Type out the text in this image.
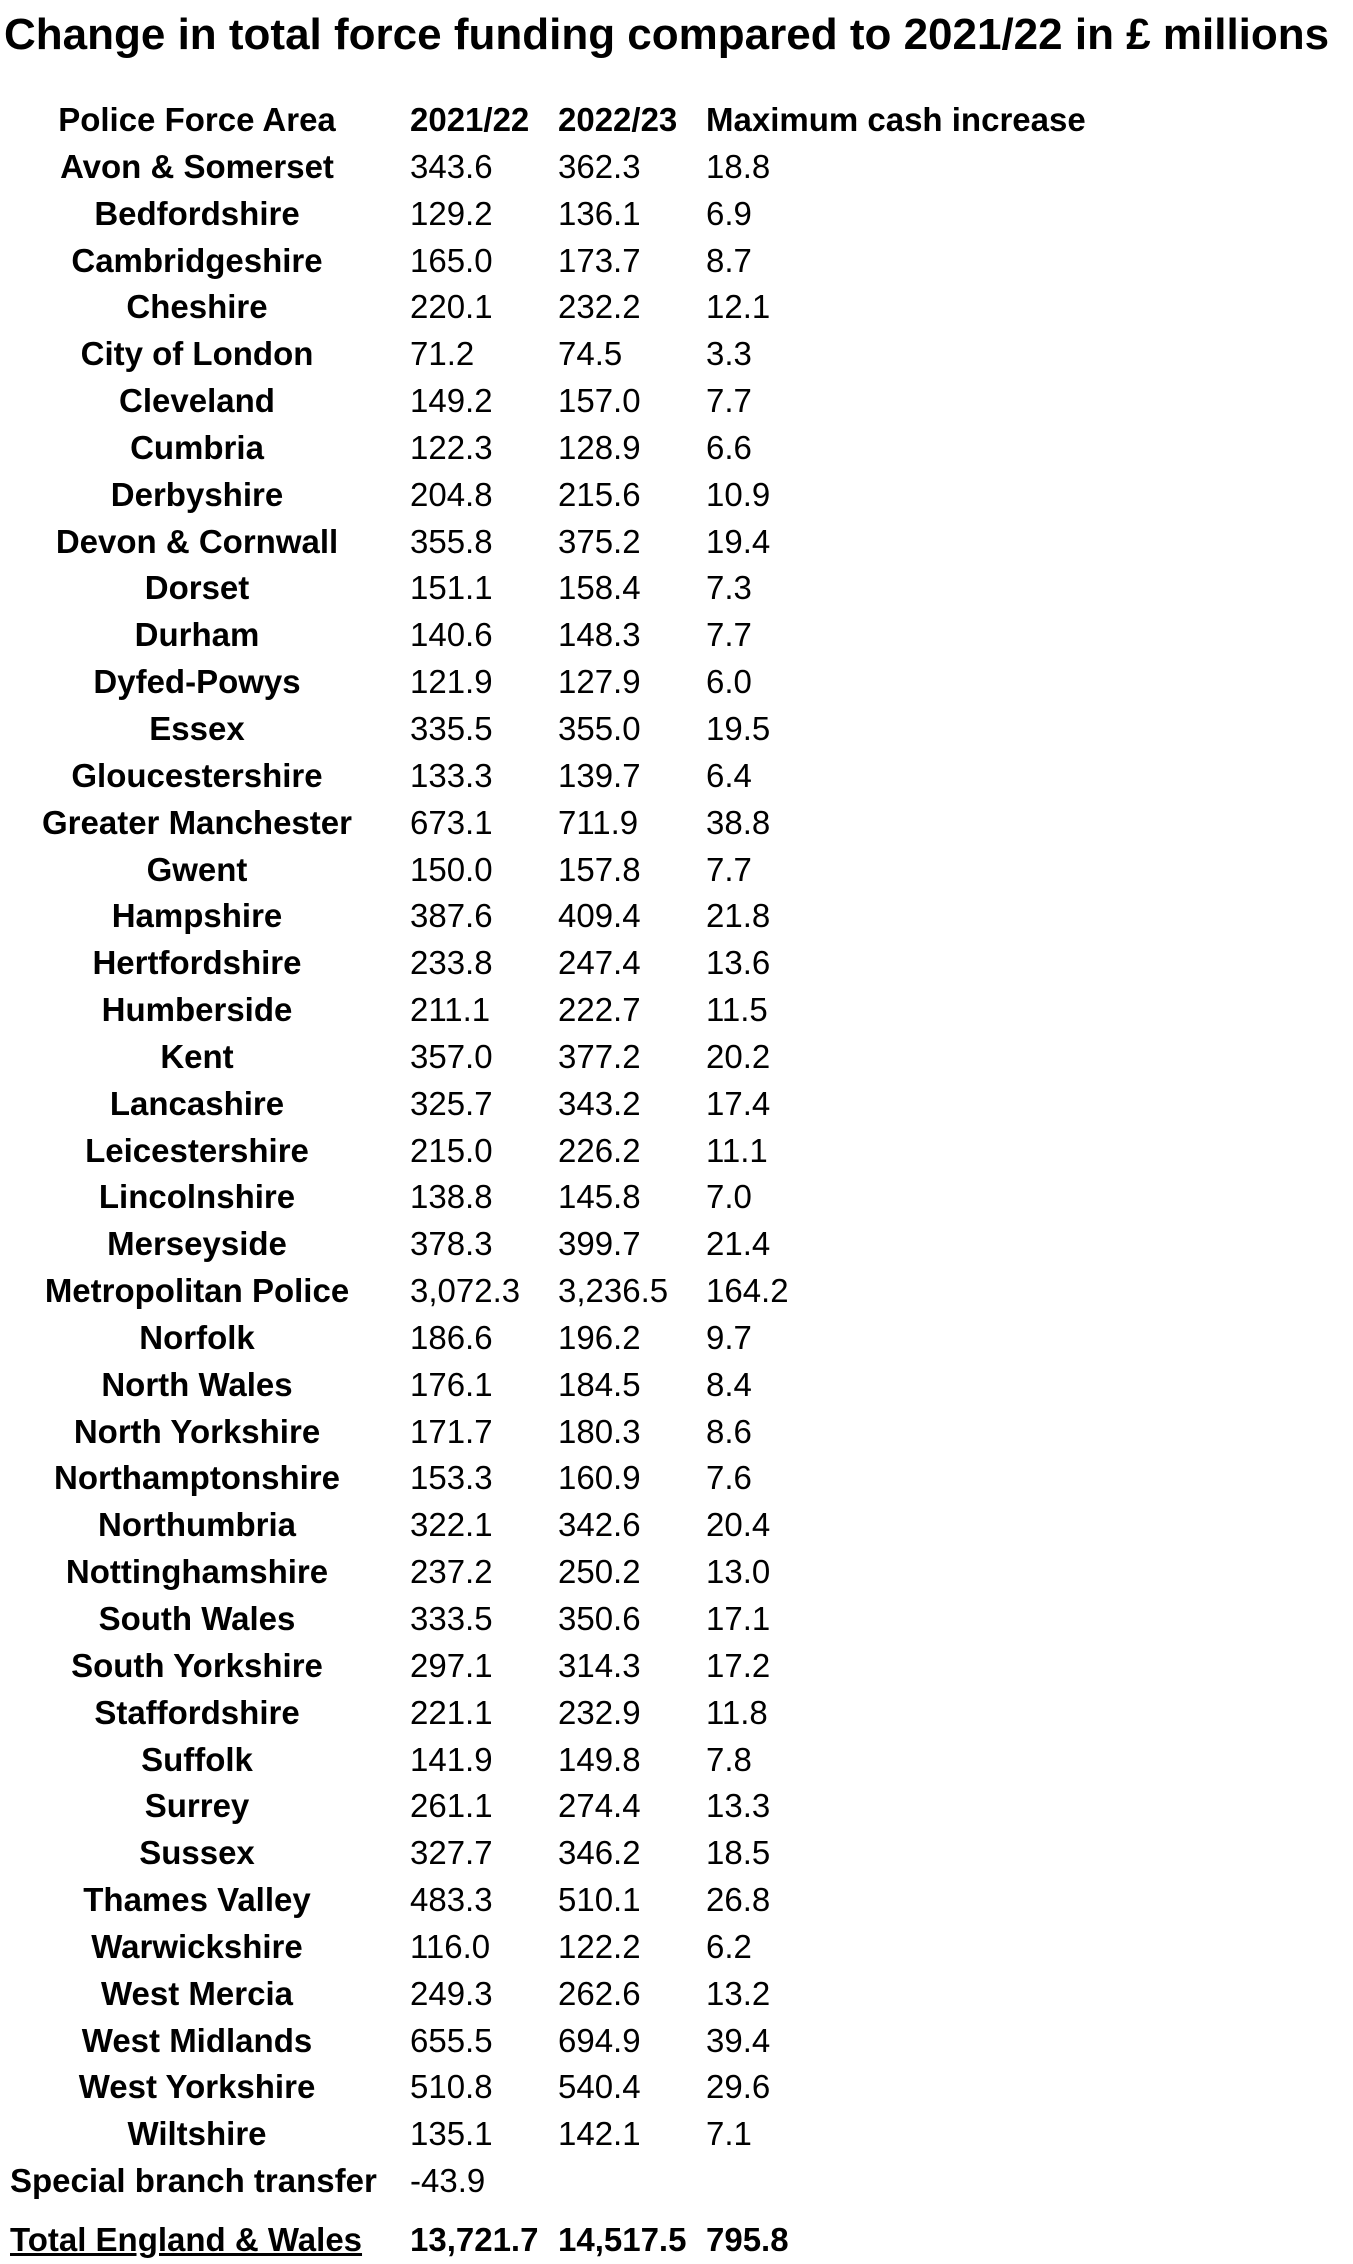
Change in total force funding compared to 2021/22 in £ millions
Police Force Area	2021/22 2022/23 Maximum cash increase
Avon & Somerset	343.6 362.3 18.8
Bedfordshire	129.2 136.1 6.9
Cambridgeshire	165.0 173.7 8.7
Cheshire	220.1 232.2 12.1
City of London	71.2	74.5	3.3
Cleveland	149.2 157.0 7.7
Cumbria	122.3 128.9 6.6
Derbyshire	204.8 215.6 10.9
Devon & Cornwall	355.8 375.2 19.4
Dorset	151.1 158.4 7.3
Durham	140.6 148.3 7.7
Dyfed-Powys	121.9 127.9 6.0
Essex	335.5 355.0 19.5
Gloucestershire	133.3 139.7 6.4
Greater Manchester	673.1 711.9 38.8
Gwent	150.0 157.8 7.7
Hampshire	387.6 409.4 21.8
Hertfordshire	233.8 247.4 13.6
Humberside	211.1 222.7 11.5
Kent	357.0 377.2 20.2
Lancashire	325.7 343.2 17.4
Leicestershire	215.0 226.2 11.1
Lincolnshire	138.8 145.8 7.0
Merseyside	378.3 399.7 21.4
Metropolitan Police	3,072.3 3,236.5 164.2
Norfolk	186.6 196.2 9.7
North Wales	176.1 184.5 8.4
North Yorkshire	171.7 180.3 8.6
Northamptonshire	153.3 160.9 7.6
Northumbria	322.1 342.6 20.4
Nottinghamshire	237.2 250.2 13.0
South Wales	333.5 350.6 17.1
South Yorkshire	297.1 314.3 17.2
Staffordshire	221.1 232.9 11.8
Suffolk	141.9 149.8 7.8
Surrey	261.1 274.4 13.3
Sussex	327.7 346.2 18.5
Thames Valley	483.3 510.1 26.8
Warwickshire	116.0 122.2 6.2
West Mercia	249.3 262.6 13.2
West Midlands	655.5 694.9 39.4
West Yorkshire	510.8 540.4 29.6
Wiltshire	135.1 142.1 7.1
Special branch transfer -43.9
Total England & Wales 13,721.7 14,517.5 795.8
